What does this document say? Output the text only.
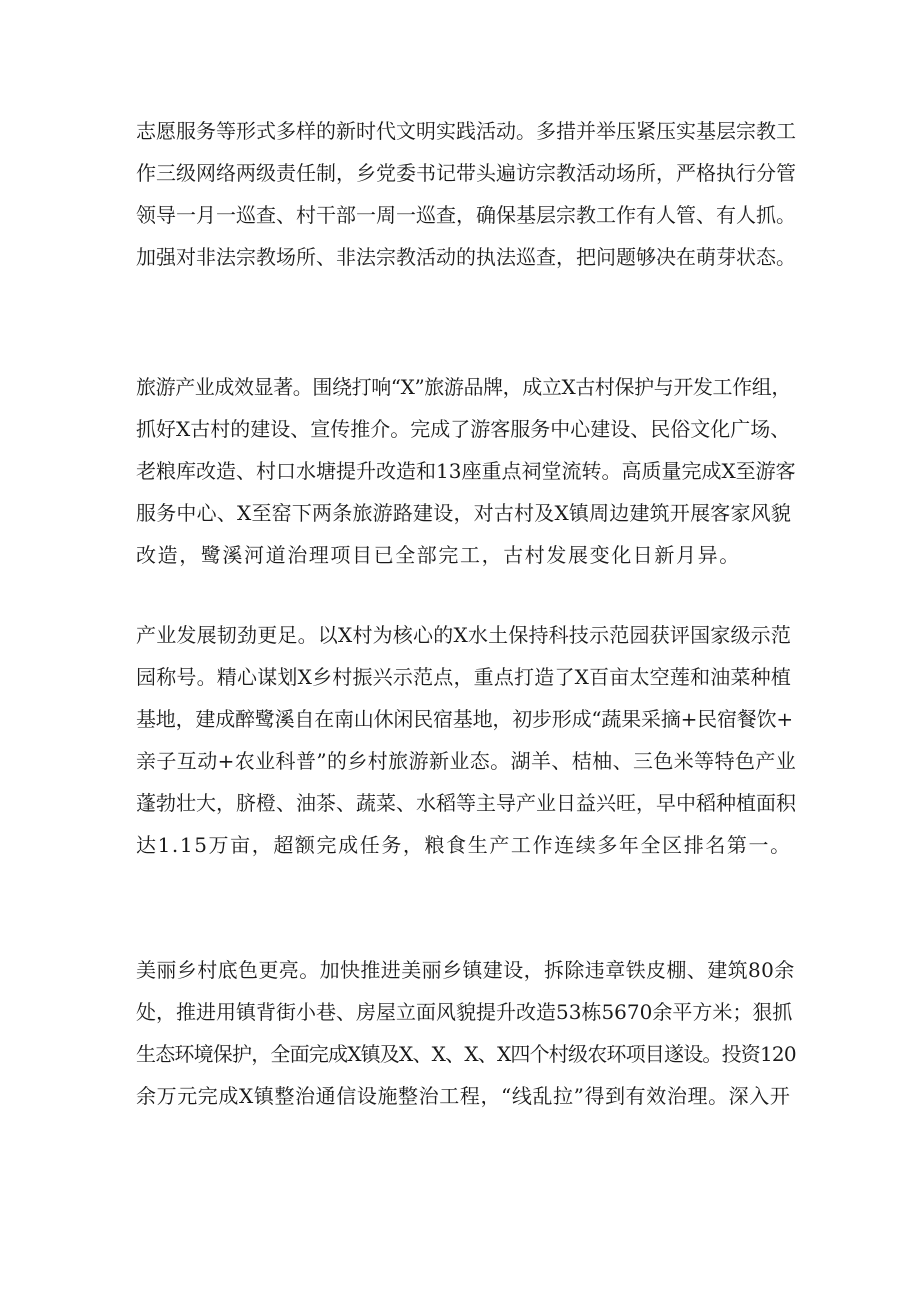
志愿服务等形式多样的新时代文明实践活动。多措并举压紧压实基层宗教工
作三级网络两级责任制，乡党委书记带头遍访宗教活动场所，严格执行分管
领导一月一巡查、村干部一周一巡查，确保基层宗教工作有人管、有人抓。
加强对非法宗教场所、非法宗教活动的执法巡查，把问题够决在萌芽状态。
旅游产业成效显著。围绕打响“X”旅游品牌，成立X古村保护与开发工作组，
抓好X古村的建设、宣传推介。完成了游客服务中心建设、民俗文化广场、
老粮库改造、村口水塘提升改造和13座重点祠堂流转。高质量完成X至游客
服务中心、X至窑下两条旅游路建设，对古村及X镇周边建筑开展客家风貌
改造，鹭溪河道治理项目已全部完工，古村发展变化日新月异。
产业发展韧劲更足。以X村为核心的X水土保持科技示范园获评国家级示范
园称号。精心谋划X乡村振兴示范点，重点打造了X百亩太空莲和油菜种植
基地，建成醉鹭溪自在南山休闲民宿基地，初步形成“蔬果采摘+民宿餐饮+
亲子互动+农业科普”的乡村旅游新业态。湖羊、桔柚、三色米等特色产业
蓬勃壮大，脐橙、油茶、蔬菜、水稻等主导产业日益兴旺，早中稻种植面积
达1.15万亩，超额完成任务，粮食生产工作连续多年全区排名第一。
美丽乡村底色更亮。加快推进美丽乡镇建设，拆除违章铁皮棚、建筑80余
处，推进用镇背街小巷、房屋立面风貌提升改造53栋5670余平方米；狠抓
生态环境保护，全面完成X镇及X、X、X、X四个村级农环项目遂设。投资120
余万元完成X镇整治通信设施整治工程，“线乱拉”得到有效治理。深入开
